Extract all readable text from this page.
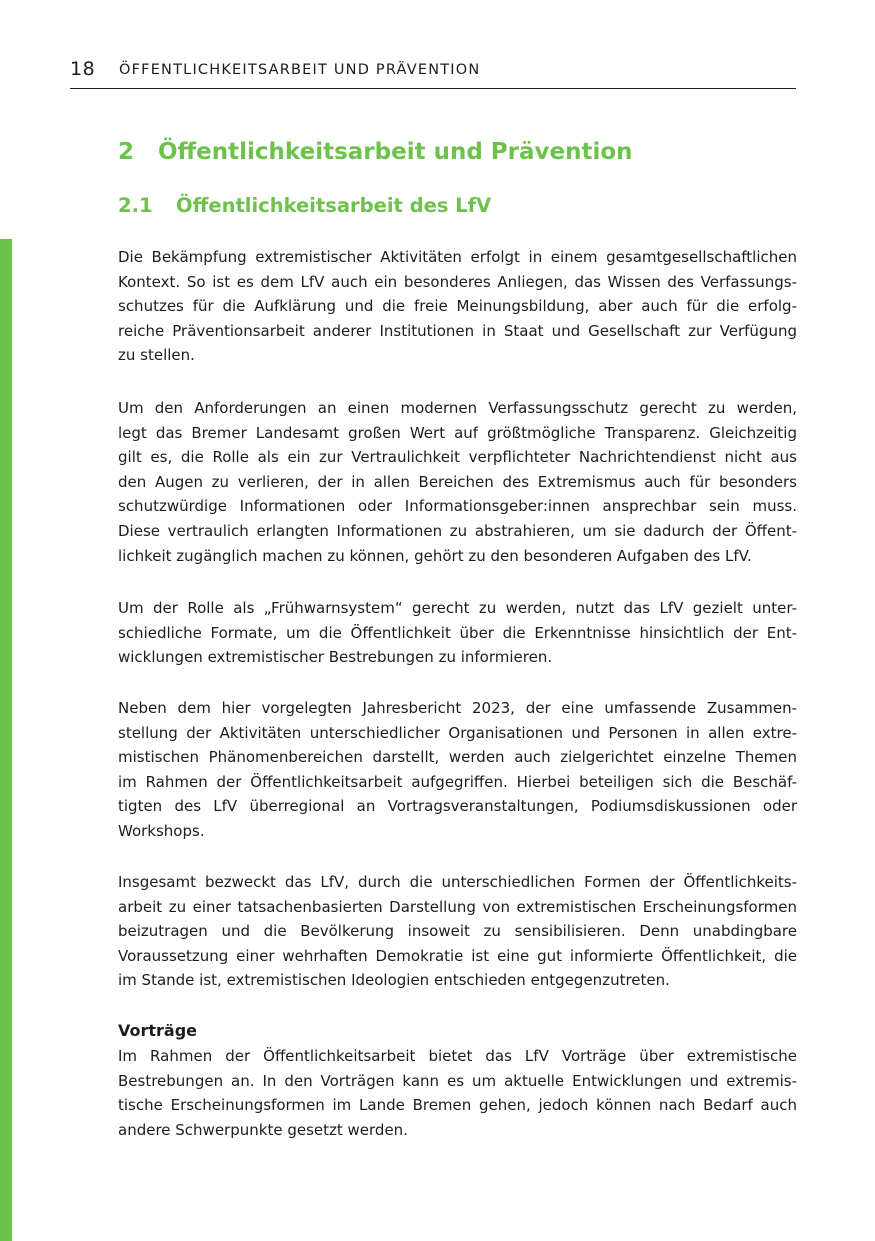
18 ÖFFENTLICHKEITSARBEIT UND PRÄVENTION
2 Öffentlichkeitsarbeit und Prävention
2.1 Öffentlichkeitsarbeit des LfV
Die Bekämpfung extremistischer Aktivitäten erfolgt in einem gesamtgesellschaftlichen
Kontext. So ist es dem LfV auch ein besonderes Anliegen, das Wissen des Verfassungs-
schutzes für die Aufklärung und die freie Meinungsbildung, aber auch für die erfolg-
reiche Präventionsarbeit anderer Institutionen in Staat und Gesellschaft zur Verfügung
zu stellen.
Um den Anforderungen an einen modernen Verfassungsschutz gerecht zu werden,
legt das Bremer Landesamt großen Wert auf größtmögliche Transparenz. Gleichzeitig
gilt es, die Rolle als ein zur Vertraulichkeit verpflichteter Nachrichtendienst nicht aus
den Augen zu verlieren, der in allen Bereichen des Extremismus auch für besonders
schutzwürdige Informationen oder Informationsgeber:innen ansprechbar sein muss.
Diese vertraulich erlangten Informationen zu abstrahieren, um sie dadurch der Öffent-
lichkeit zugänglich machen zu können, gehört zu den besonderen Aufgaben des LfV.
Um der Rolle als „Frühwarnsystem“ gerecht zu werden, nutzt das LfV gezielt unter-
schiedliche Formate, um die Öffentlichkeit über die Erkenntnisse hinsichtlich der Ent-
wicklungen extremistischer Bestrebungen zu informieren.
Neben dem hier vorgelegten Jahresbericht 2023, der eine umfassende Zusammen-
stellung der Aktivitäten unterschiedlicher Organisationen und Personen in allen extre-
mistischen Phänomenbereichen darstellt, werden auch zielgerichtet einzelne Themen
im Rahmen der Öffentlichkeitsarbeit aufgegriffen. Hierbei beteiligen sich die Beschäf-
tigten des LfV überregional an Vortragsveranstaltungen, Podiumsdiskussionen oder
Workshops.
Insgesamt bezweckt das LfV, durch die unterschiedlichen Formen der Öffentlichkeits-
arbeit zu einer tatsachenbasierten Darstellung von extremistischen Erscheinungsformen
beizutragen und die Bevölkerung insoweit zu sensibilisieren. Denn unabdingbare
Voraussetzung einer wehrhaften Demokratie ist eine gut informierte Öffentlichkeit, die
im Stande ist, extremistischen Ideologien entschieden entgegenzutreten.
Vorträge
Im Rahmen der Öffentlichkeitsarbeit bietet das LfV Vorträge über extremistische
Bestrebungen an. In den Vorträgen kann es um aktuelle Entwicklungen und extremis-
tische Erscheinungsformen im Lande Bremen gehen, jedoch können nach Bedarf auch
andere Schwerpunkte gesetzt werden.
